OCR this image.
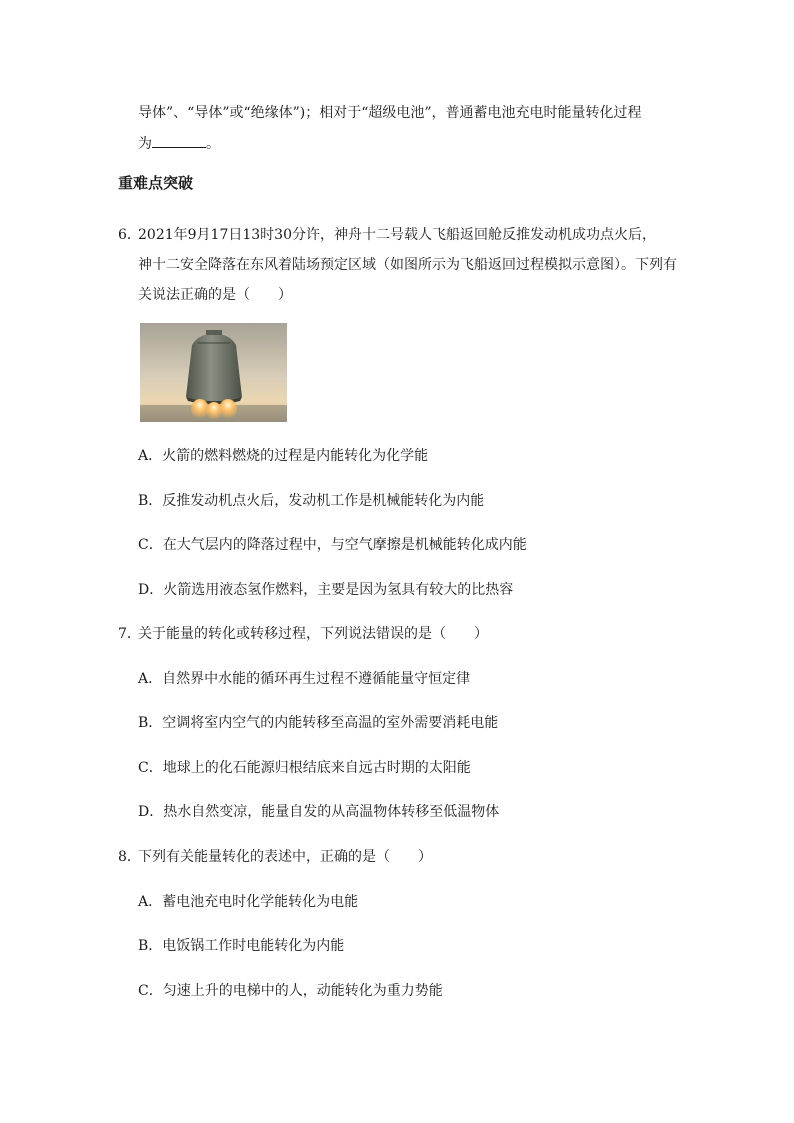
导体”、“导体”或“绝缘体”)；相对于“超级电池”，普通蓄电池充电时能量转化过程
为	。
重难点突破
6．
2021年9月17日13时30分许，神舟十二号载人飞船返回舱反推发动机成功点火后，
神十二安全降落在东风着陆场预定区域（如图所示为飞船返回过程模拟示意图）。下列有
关说法正确的是（　　）
A．火箭的燃料燃烧的过程是内能转化为化学能
B．反推发动机点火后，发动机工作是机械能转化为内能
C．在大气层内的降落过程中，与空气摩擦是机械能转化成内能
D．火箭选用液态氢作燃料，主要是因为氢具有较大的比热容
7．
关于能量的转化或转移过程，下列说法错误的是（　　）
A．自然界中水能的循环再生过程不遵循能量守恒定律
B．空调将室内空气的内能转移至高温的室外需要消耗电能
C．地球上的化石能源归根结底来自远古时期的太阳能
D．热水自然变凉，能量自发的从高温物体转移至低温物体
8．
下列有关能量转化的表述中，正确的是（　　）
A．蓄电池充电时化学能转化为电能
B．电饭锅工作时电能转化为内能
C．匀速上升的电梯中的人，动能转化为重力势能
